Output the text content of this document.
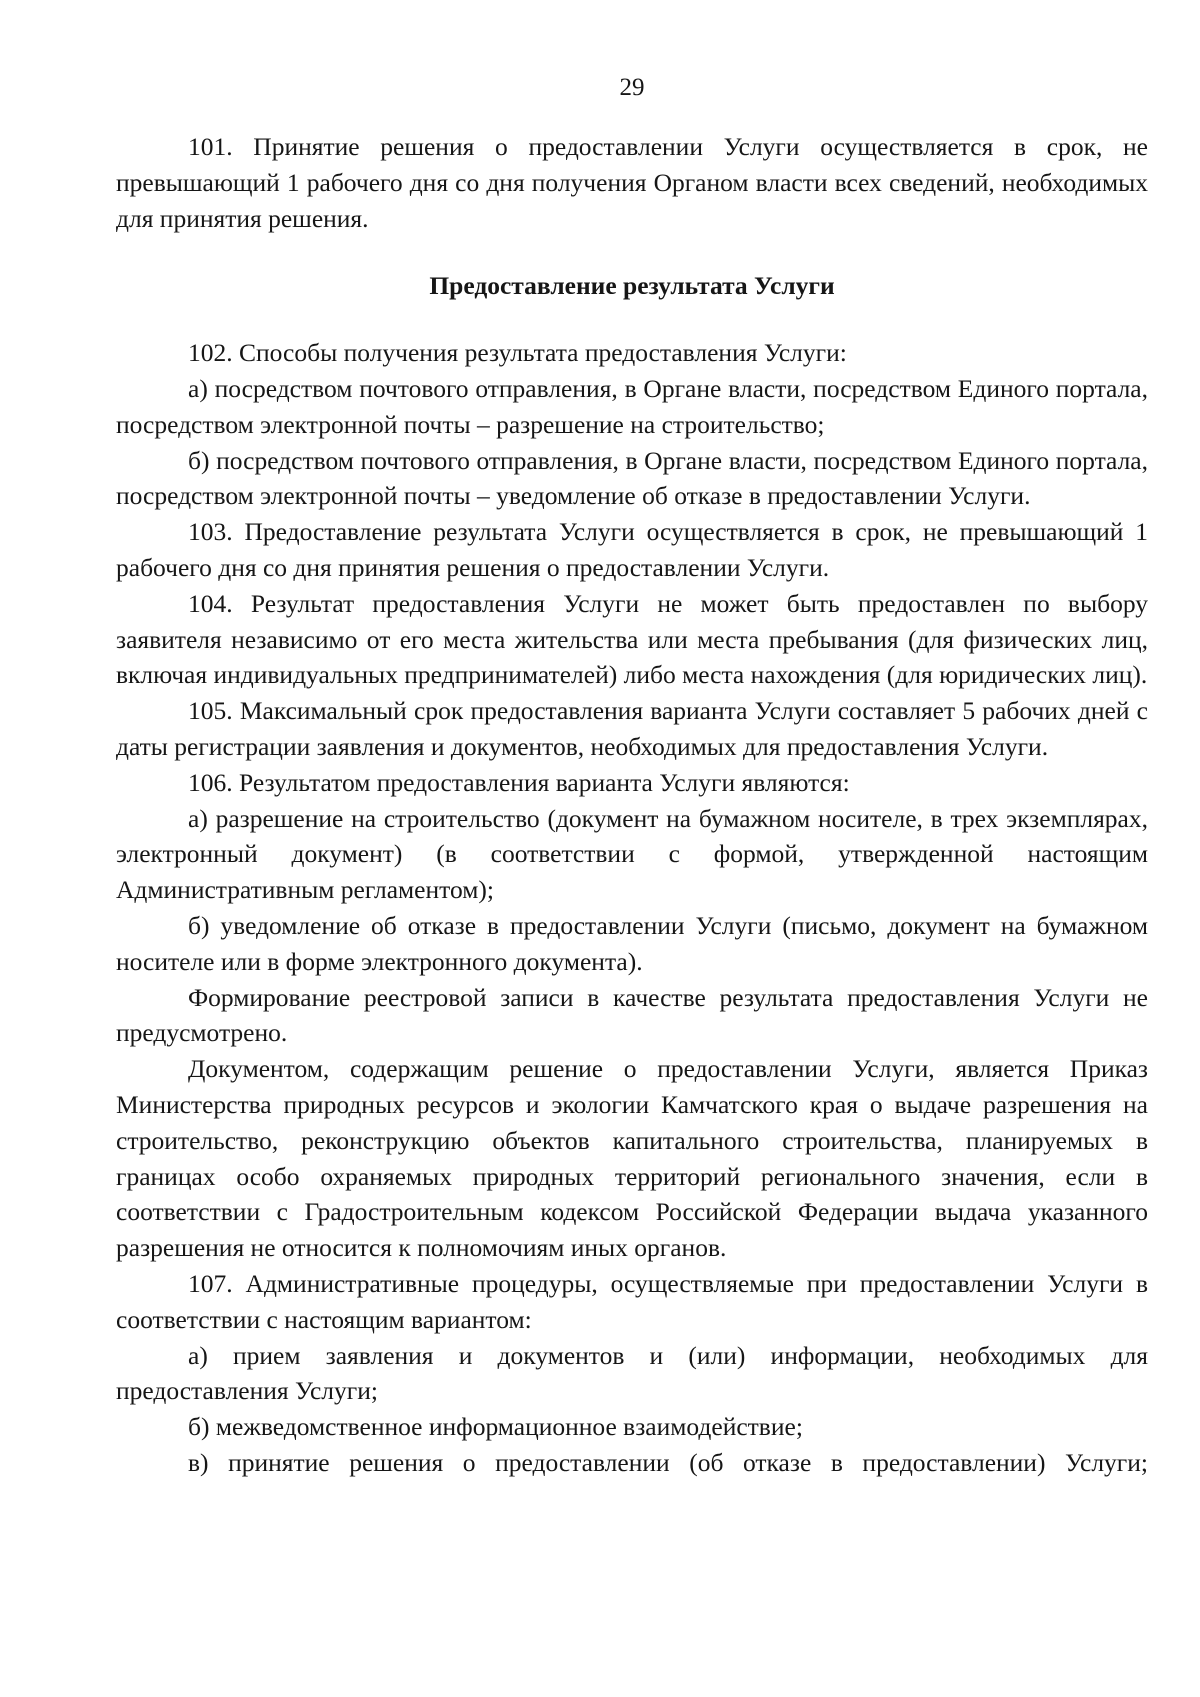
29

101. Принятие решения о предоставлении Услуги осуществляется в срок, не превышающий 1 рабочего дня со дня получения Органом власти всех сведений, необходимых для принятия решения.

Предоставление результата Услуги

102. Способы получения результата предоставления Услуги:

а) посредством почтового отправления, в Органе власти, посредством Единого портала, посредством электронной почты – разрешение на строительство;

б) посредством почтового отправления, в Органе власти, посредством Единого портала, посредством электронной почты – уведомление об отказе в предоставлении Услуги.

103. Предоставление результата Услуги осуществляется в срок, не превышающий 1 рабочего дня со дня принятия решения о предоставлении Услуги.

104. Результат предоставления Услуги не может быть предоставлен по выбору заявителя независимо от его места жительства или места пребывания (для физических лиц, включая индивидуальных предпринимателей) либо места нахождения (для юридических лиц).

105. Максимальный срок предоставления варианта Услуги составляет 5 рабочих дней с даты регистрации заявления и документов, необходимых для предоставления Услуги.

106. Результатом предоставления варианта Услуги являются:

а) разрешение на строительство (документ на бумажном носителе, в трех экземплярах, электронный документ) (в соответствии с формой, утвержденной настоящим Административным регламентом);

б) уведомление об отказе в предоставлении Услуги (письмо, документ на бумажном носителе или в форме электронного документа).

Формирование реестровой записи в качестве результата предоставления Услуги не предусмотрено.

Документом, содержащим решение о предоставлении Услуги, является Приказ Министерства природных ресурсов и экологии Камчатского края о выдаче разрешения на строительство, реконструкцию объектов капитального строительства, планируемых в границах особо охраняемых природных территорий регионального значения, если в соответствии с Градостроительным кодексом Российской Федерации выдача указанного разрешения не относится к полномочиям иных органов.

107. Административные процедуры, осуществляемые при предоставлении Услуги в соответствии с настоящим вариантом:

а) прием заявления и документов и (или) информации, необходимых для предоставления Услуги;

б) межведомственное информационное взаимодействие;

в) принятие решения о предоставлении (об отказе в предоставлении) Услуги;
